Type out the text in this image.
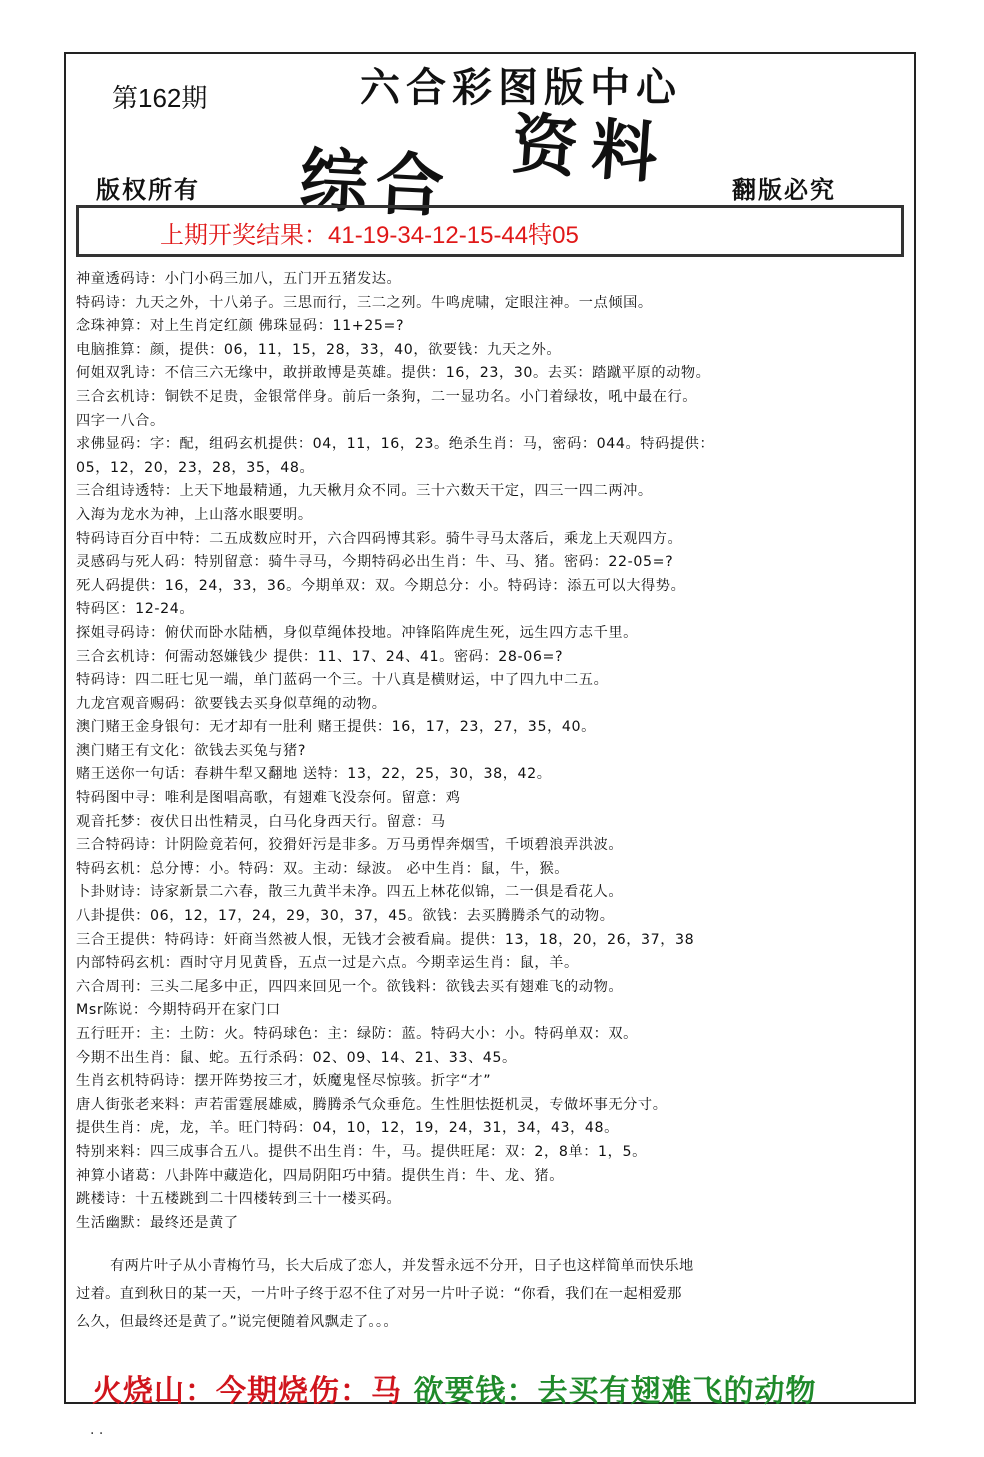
第162期	六合彩图版中心
资料
综合
版权所有	翻版必究
上期开奖结果：41-19-34-12-15-44特05
神童透码诗：小门小码三加八，五门开五猪发达。
特码诗：九天之外，十八弟子。三思而行，三二之列。牛鸣虎啸，定眼注神。一点倾国。
念珠神算：对上生肖定红颜 佛珠显码：11+25=?
电脑推算：颜，提供：06，11，15，28，33，40，欲要钱：九天之外。
何姐双乳诗：不信三六无缘中，敢拼敢博是英雄。提供：16，23，30。去买：踏蹴平原的动物。
三合玄机诗：铜铁不足贵，金银常伴身。前后一条狗，二一显功名。小门着绿妆，吼中最在行。
四字一八合。
求佛显码：字：配，组码玄机提供：04，11，16，23。绝杀生肖：马，密码：044。特码提供：
05，12，20，23，28，35，48。
三合组诗透特：上天下地最精通，九天楸月众不同。三十六数天干定，四三一四二两冲。
入海为龙水为神，上山落水眼要明。
特码诗百分百中特：二五成数应时开，六合四码博其彩。骑牛寻马太落后，乘龙上天观四方。
灵感码与死人码：特别留意：骑牛寻马，今期特码必出生肖：牛、马、猪。密码：22-05=?
死人码提供：16，24，33，36。今期单双：双。今期总分：小。特码诗：添五可以大得势。
特码区：12-24。
探姐寻码诗：俯伏而卧水陆栖，身似草绳体投地。冲锋陷阵虎生死，远生四方志千里。
三合玄机诗：何需动怒嫌钱少 提供：11、17、24、41。密码：28-06=?
特码诗：四二旺七见一端，单门蓝码一个三。十八真是横财运，中了四九中二五。
九龙宫观音赐码：欲要钱去买身似草绳的动物。
澳门赌王金身银句：无才却有一肚利 赌王提供：16，17，23，27，35，40。
澳门赌王有文化：欲钱去买兔与猪?
赌王送你一句话：春耕牛犁又翻地 送特：13，22，25，30，38，42。
特码图中寻：唯利是图唱高歌，有翅难飞没奈何。留意：鸡
观音托梦：夜伏日出性精灵，白马化身西天行。留意：马
三合特码诗：计阴险竟若何，狡猾奸污是非多。万马勇悍奔烟雪，千顷碧浪弄洪波。
特码玄机：总分博：小。特码：双。主动：绿波。 必中生肖：鼠，牛，猴。
卜卦财诗：诗家新景二六春，散三九黄半未净。四五上林花似锦，二一俱是看花人。
八卦提供：06，12，17，24，29，30，37，45。欲钱：去买腾腾杀气的动物。
三合王提供：特码诗：奸商当然被人恨，无钱才会被看扁。提供：13，18，20，26，37，38
内部特码玄机：酉时守月见黄昏，五点一过是六点。今期幸运生肖：鼠，羊。
六合周刊：三头二尾多中正，四四来回见一个。欲钱料：欲钱去买有翅难飞的动物。
Msr陈说：今期特码开在家门口
五行旺开：主：土防：火。特码球色：主：绿防：蓝。特码大小：小。特码单双：双。
今期不出生肖：鼠、蛇。五行杀码：02、09、14、21、33、45。
生肖玄机特码诗：摆开阵势按三才，妖魔鬼怪尽惊骇。折字“才”
唐人街张老来料：声若雷霆展雄威，腾腾杀气众垂危。生性胆怯挺机灵，专做坏事无分寸。
提供生肖：虎，龙，羊。旺门特码：04，10，12，19，24，31，34，43，48。
特别来料：四三成事合五八。提供不出生肖：牛，马。提供旺尾：双：2，8单：1，5。
神算小诸葛：八卦阵中藏造化，四局阴阳巧中猜。提供生肖：牛、龙、猪。
跳楼诗：十五楼跳到二十四楼转到三十一楼买码。
生活幽默：最终还是黄了

有两片叶子从小青梅竹马，长大后成了恋人，并发誓永远不分开，日子也这样简单而快乐地

过着。直到秋日的某一天，一片叶子终于忍不住了对另一片叶子说：“你看，我们在一起相爱那

么久，但最终还是黄了。”说完便随着风飘走了。。。

火烧山：今期烧伤：马 欲要钱：去买有翅难飞的动物
. .
